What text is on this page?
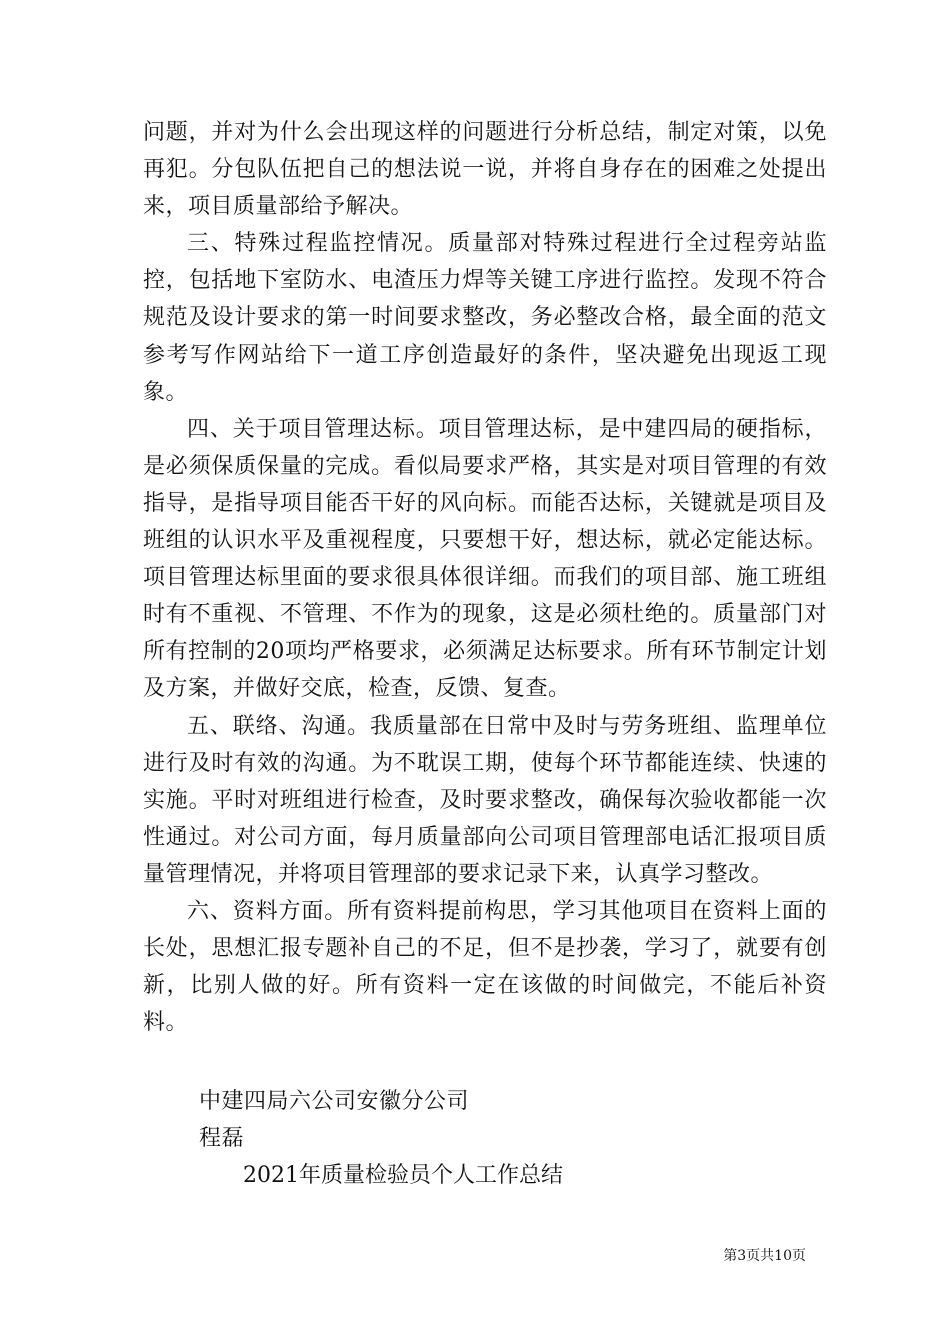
问题，并对为什么会出现这样的问题进行分析总结，制定对策，以免再犯。分包队伍把自己的想法说一说，并将自身存在的困难之处提出来，项目质量部给予解决。

三、特殊过程监控情况。质量部对特殊过程进行全过程旁站监控，包括地下室防水、电渣压力焊等关键工序进行监控。发现不符合规范及设计要求的第一时间要求整改，务必整改合格，最全面的范文参考写作网站给下一道工序创造最好的条件，坚决避免出现返工现象。

四、关于项目管理达标。项目管理达标，是中建四局的硬指标，是必须保质保量的完成。看似局要求严格，其实是对项目管理的有效指导，是指导项目能否干好的风向标。而能否达标，关键就是项目及班组的认识水平及重视程度，只要想干好，想达标，就必定能达标。项目管理达标里面的要求很具体很详细。而我们的项目部、施工班组时有不重视、不管理、不作为的现象，这是必须杜绝的。质量部门对所有控制的20项均严格要求，必须满足达标要求。所有环节制定计划及方案，并做好交底，检查，反馈、复查。

五、联络、沟通。我质量部在日常中及时与劳务班组、监理单位进行及时有效的沟通。为不耽误工期，使每个环节都能连续、快速的实施。平时对班组进行检查，及时要求整改，确保每次验收都能一次性通过。对公司方面，每月质量部向公司项目管理部电话汇报项目质量管理情况，并将项目管理部的要求记录下来，认真学习整改。

六、资料方面。所有资料提前构思，学习其他项目在资料上面的长处，思想汇报专题补自己的不足，但不是抄袭，学习了，就要有创新，比别人做的好。所有资料一定在该做的时间做完，不能后补资料。

中建四局六公司安徽分公司
程磊
2021年质量检验员个人工作总结
第3页共10页
